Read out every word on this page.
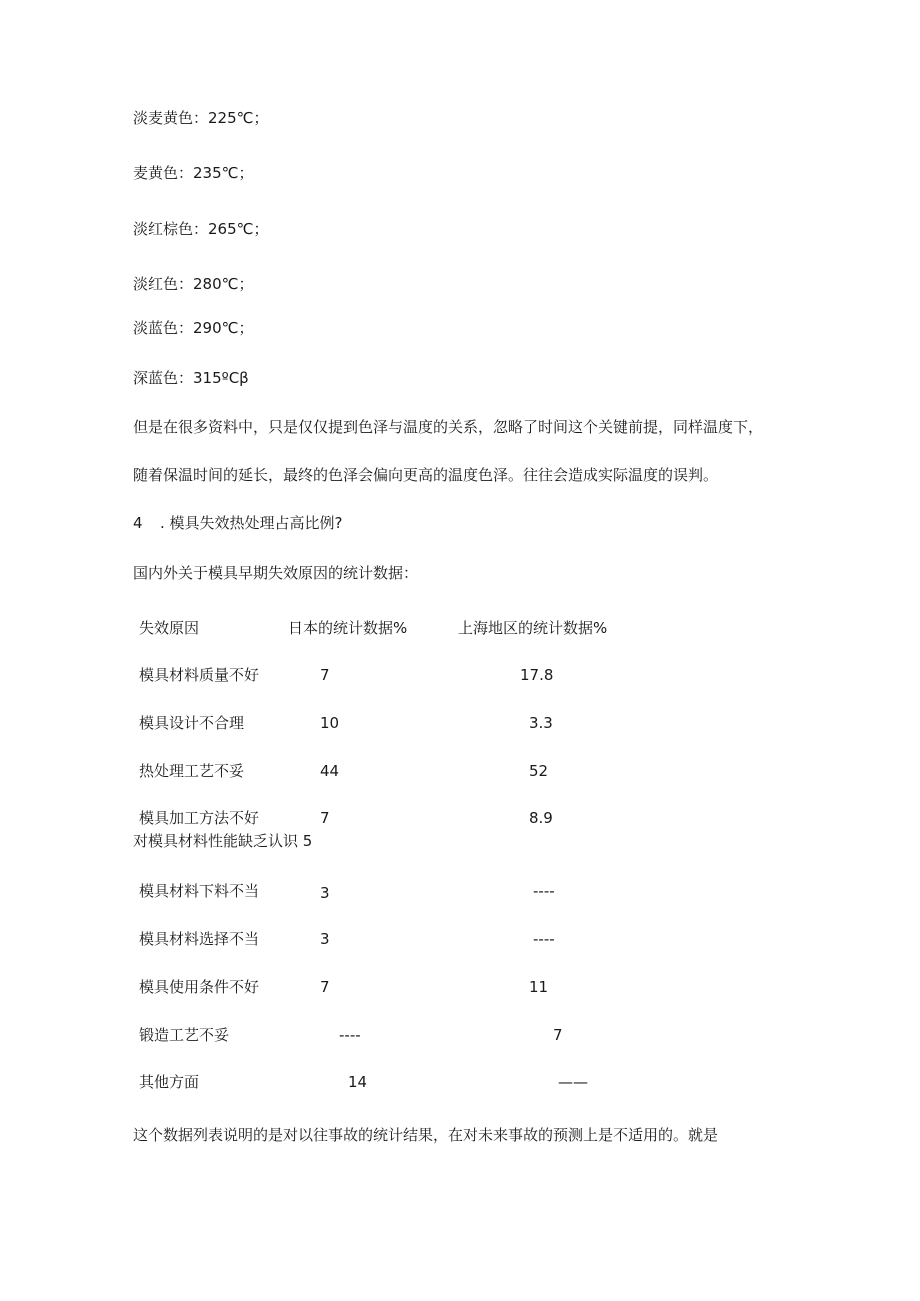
淡麦黄色：225℃；
麦黄色：235℃；
淡红棕色：265℃；
淡红色：280℃；
淡蓝色：290℃；
深蓝色：315ºCβ
但是在很多资料中，只是仅仅提到色泽与温度的关系，忽略了时间这个关键前提，同样温度下，
随着保温时间的延长，最终的色泽会偏向更高的温度色泽。往往会造成实际温度的误判。
4 . 模具失效热处理占高比例?
国内外关于模具早期失效原因的统计数据：
失效原因	日本的统计数据%	上海地区的统计数据%
模具材料质量不好	7	17.8
模具设计不合理	10	3.3
热处理工艺不妥	44	52
模具加工方法不好	7	8.9
对模具材料性能缺乏认识 5
模具材料下料不当	3	----
模具材料选择不当	3	----
模具使用条件不好	7	11
锻造工艺不妥	----	7
其他方面	14	——
这个数据列表说明的是对以往事故的统计结果，在对未来事故的预测上是不适用的。就是
